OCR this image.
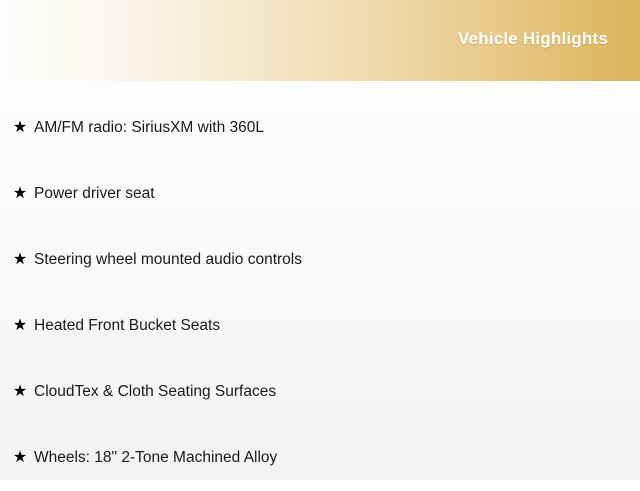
Vehicle Highlights
★ AM/FM radio: SiriusXM with 360L
★ Power driver seat
★ Steering wheel mounted audio controls
★ Heated Front Bucket Seats
★ CloudTex & Cloth Seating Surfaces
★ Wheels: 18" 2-Tone Machined Alloy
